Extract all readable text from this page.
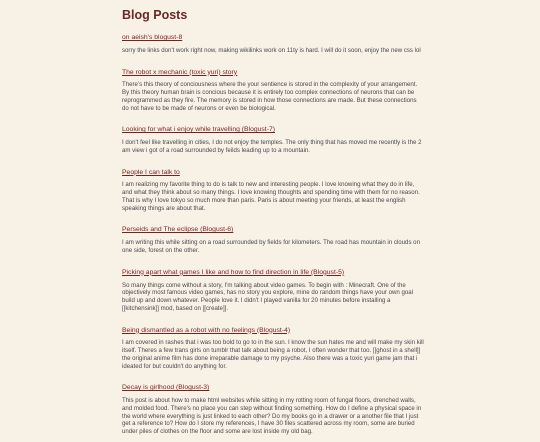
Blog Posts
on aeish's blogust-8

sorry the links don't work right now, making wikilinks work on 11ty is hard. I will do it soon, enjoy the new css lol

The robot x mechanic (toxic yuri) story

There's this theory of conciousness where the your sentience is stored in the complexity of your arrangement. By this theory human brain is concious because it is entirely too complex connections of neurons that can be reprogrammed as they fire. The memory is stored in how those connections are made. But these connections do not have to be made of neurons or even be biological.

Looking for what i enjoy while travelling (Blogust-7)

I don't feel like travelling in cities, I do not enjoy the temples. The only thing that has moved me recently is the 2 am view i got of a road surrounded by feilds leading up to a mountain.

People I can talk to

I am realizing my favorite thing to do is talk to new and interesting people. I love knowing what they do in life, and what they think about so many things. I love knowing thoughts and spending time with them for no reason. That is why I love tokyo so much more than paris. Paris is about meeting your friends, at least the english speaking things are about that.

Perseids and The eclipse (Blogust-6)

I am writing this while sitting on a road surrounded by fields for kilometers. The road has mountain in clouds on one side, forest on the other.

Picking apart what games I like and how to find direction in life (Blogust-5)

So many things come without a story, I'm talking about video games. To begin with : Minecraft. One of the objectively most famous video games, has no story you explore, mine do random things have your own goal build up and down whatever. People love it. I didn't I played vanilla for 20 minutes before installing a [[kitchensink]] mod, based on [[create]].

Being dismantled as a robot with no feelings (Blogust-4)

I am covered in rashes that i was too bold to go to in the sun. I know the sun hates me and will make my skin kill itself. Theres a few trans girls on tumblr that talk about being a robot, I often wonder that too. [[ghost in a shell]] the original anime film has done irreparable damage to my psyche. Also there was a toxic yuri game jam that i ideated for but couldn't do anything for.

Decay is girlhood (Blogust-3)

This post is about how to make html websites while sitting in my rotting room of fungal floors, drenched walls, and molded food. There's no place you can step without finding something. How do I define a physical space in the world where everything is just linked to each other? Do my books go in a drawer or a another file that I just get a reference to? How do I store my references, I have 30 files scattered across my room, some are buried under piles of clothes on the floor and some are lost inside my old bag.
